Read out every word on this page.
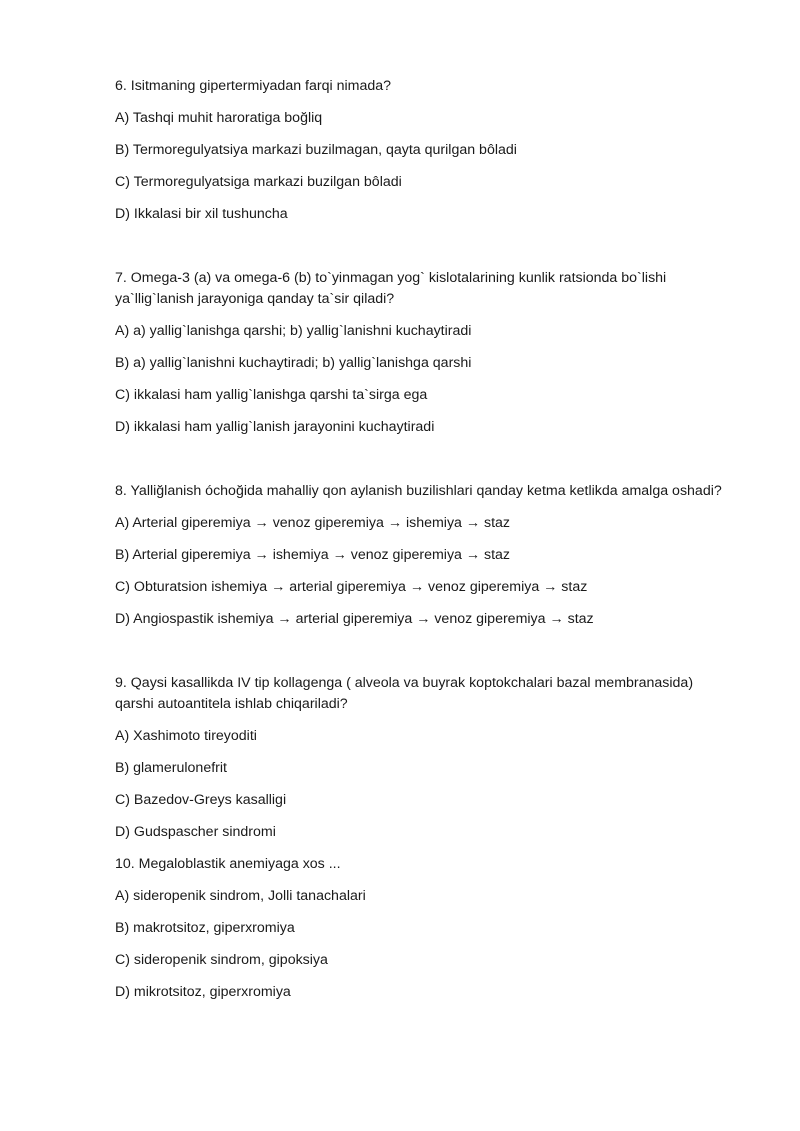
6. Isitmaning gipertermiyadan farqi nimada?
A) Tashqi muhit haroratiga boğliq
B) Termoregulyatsiya markazi buzilmagan, qayta qurilgan bôladi
C) Termoregulyatsiga markazi buzilgan bôladi
D) Ikkalasi bir xil tushuncha
7. Omega-3 (a) va omega-6 (b) to`yinmagan yog` kislotalarining kunlik ratsionda bo`lishi
ya`llig`lanish jarayoniga qanday ta`sir qiladi?
A) a) yallig`lanishga qarshi; b) yallig`lanishni kuchaytiradi
B) a) yallig`lanishni kuchaytiradi; b) yallig`lanishga qarshi
C) ikkalasi ham yallig`lanishga qarshi ta`sirga ega
D) ikkalasi ham yallig`lanish jarayonini kuchaytiradi
8. Yalliğlanish óchoğida mahalliy qon aylanish buzilishlari qanday ketma ketlikda amalga oshadi?
A) Arterial giperemiya → venoz giperemiya → ishemiya → staz
B) Arterial giperemiya → ishemiya → venoz giperemiya → staz
C) Obturatsion ishemiya → arterial giperemiya → venoz giperemiya → staz
D) Angiospastik ishemiya → arterial giperemiya → venoz giperemiya → staz
9. Qaysi kasallikda IV tip kollagenga ( alveola va buyrak koptokchalari bazal membranasida)
qarshi autoantitela ishlab chiqariladi?
A) Xashimoto tireyoditi
B) glamerulonefrit
C) Bazedov-Greys kasalligi
D) Gudspascher sindromi
10. Megaloblastik anemiyaga xos ...
A) sideropenik sindrom, Jolli tanachalari
B) makrotsitoz, giperxromiya
C) sideropenik sindrom, gipoksiya
D) mikrotsitoz, giperxromiya
